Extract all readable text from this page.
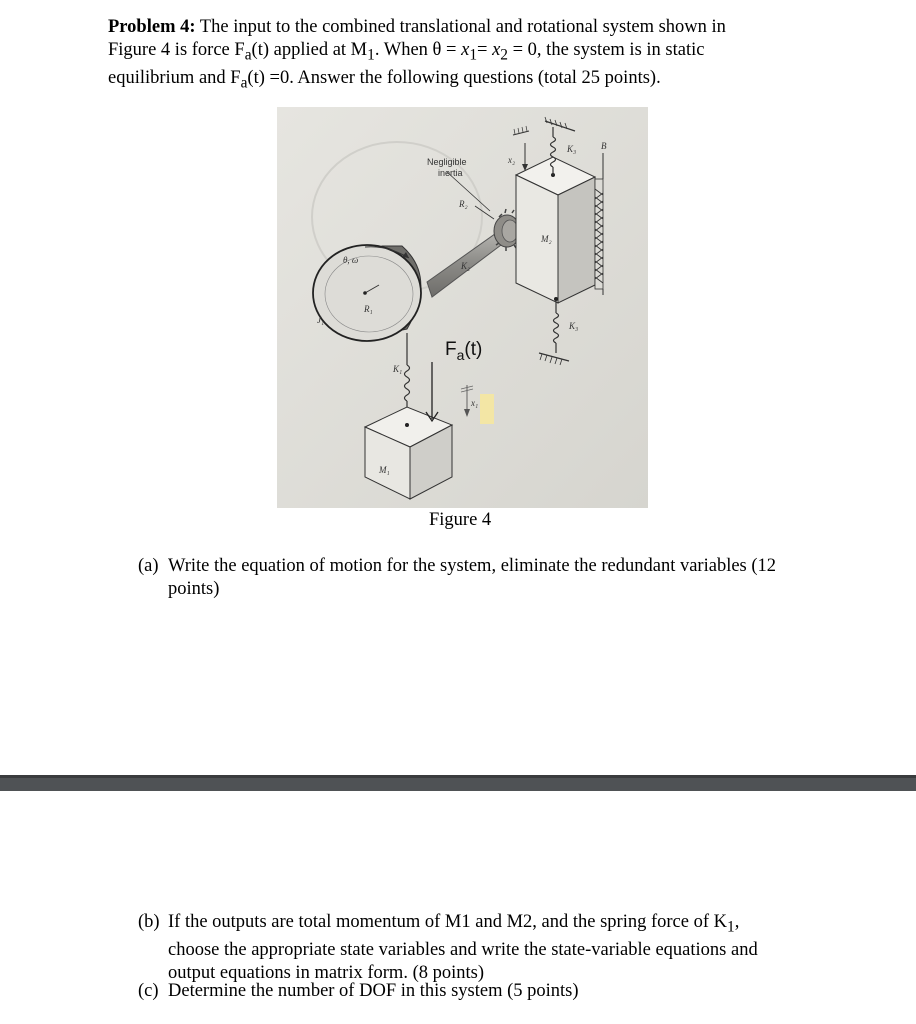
Problem 4: The input to the combined translational and rotational system shown in
Figure 4 is force $F_a(t)$ applied at $M_1$. When $\theta = x_1= x_2 = 0$, the system is in static
equilibrium and $F_a(t) =0$. Answer the following questions (total 25 points).
Negligible
inertia
R₂
K₂
θ, ω
J₁
R₁
K₁
M₁
M₂
x₂
x₁
K₃
K₃
B
$F_a(t)$
Figure 4
(a) Write the equation of motion for the system, eliminate the redundant variables (12
points)
(b) If the outputs are total momentum of M1 and M2, and the spring force of $K_1$,
choose the appropriate state variables and write the state-variable equations and
output equations in matrix form. (8 points)
(c) Determine the number of DOF in this system (5 points)
